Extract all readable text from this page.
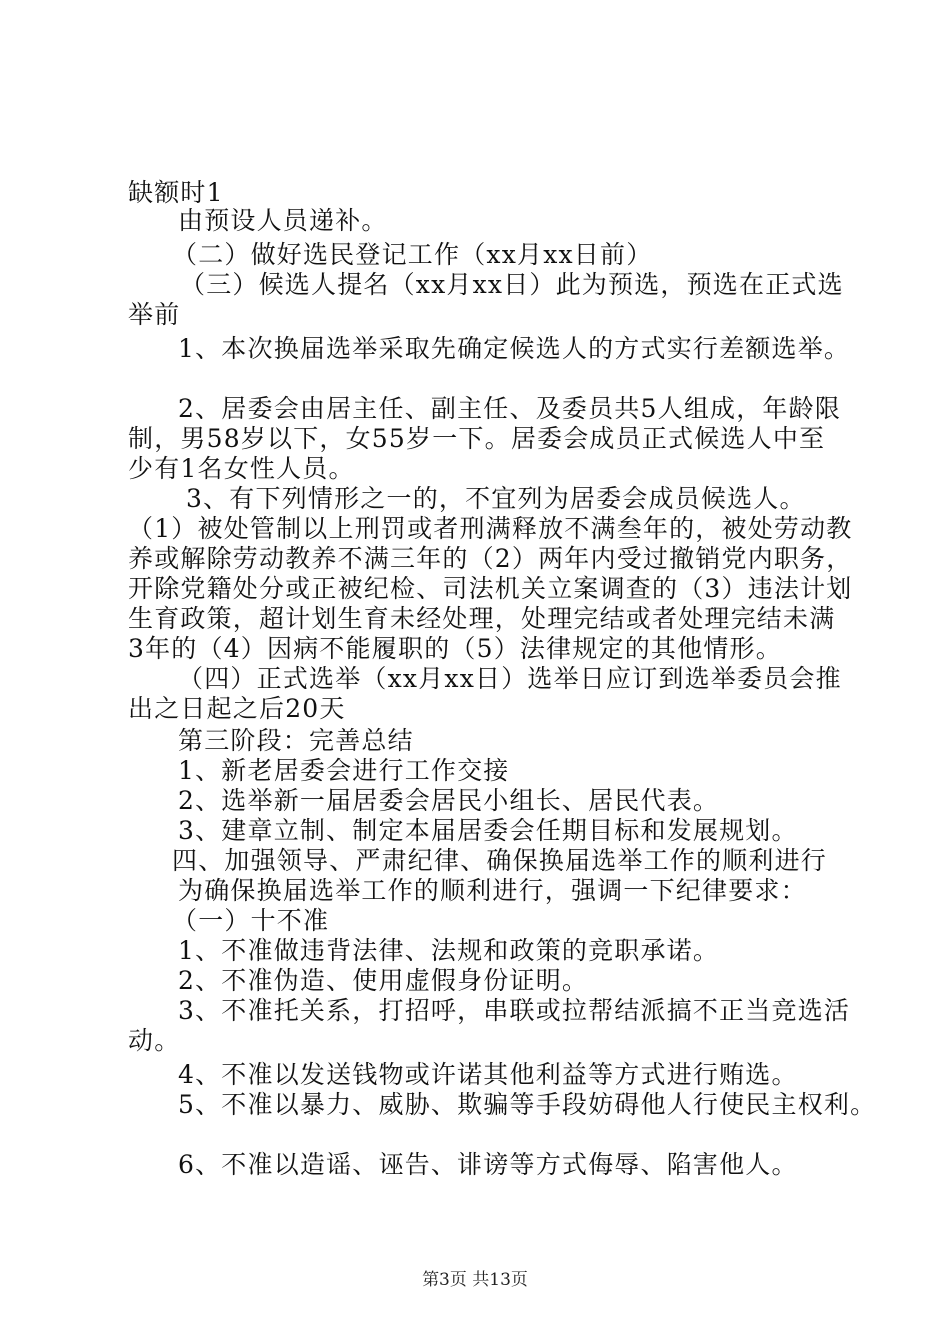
缺额时1
由预设人员递补。
（二）做好选民登记工作（xx月xx日前）
（三）候选人提名（xx月xx日）此为预选，预选在正式选
举前
1、本次换届选举采取先确定候选人的方式实行差额选举。
2、居委会由居主任、副主任、及委员共5人组成，年龄限
制，男58岁以下，女55岁一下。居委会成员正式候选人中至
少有1名女性人员。
3、有下列情形之一的，不宜列为居委会成员候选人。
（1）被处管制以上刑罚或者刑满释放不满叁年的，被处劳动教
养或解除劳动教养不满三年的（2）两年内受过撤销党内职务，
开除党籍处分或正被纪检、司法机关立案调查的（3）违法计划
生育政策，超计划生育未经处理，处理完结或者处理完结未满
3年的（4）因病不能履职的（5）法律规定的其他情形。
（四）正式选举（xx月xx日）选举日应订到选举委员会推
出之日起之后20天
第三阶段：完善总结
1、新老居委会进行工作交接
2、选举新一届居委会居民小组长、居民代表。
3、建章立制、制定本届居委会任期目标和发展规划。
四、加强领导、严肃纪律、确保换届选举工作的顺利进行
为确保换届选举工作的顺利进行，强调一下纪律要求：
（一）十不准
1、不准做违背法律、法规和政策的竞职承诺。
2、不准伪造、使用虚假身份证明。
3、不准托关系，打招呼，串联或拉帮结派搞不正当竞选活
动。
4、不准以发送钱物或许诺其他利益等方式进行贿选。
5、不准以暴力、威胁、欺骗等手段妨碍他人行使民主权利。
6、不准以造谣、诬告、诽谤等方式侮辱、陷害他人。
第3页 共13页
